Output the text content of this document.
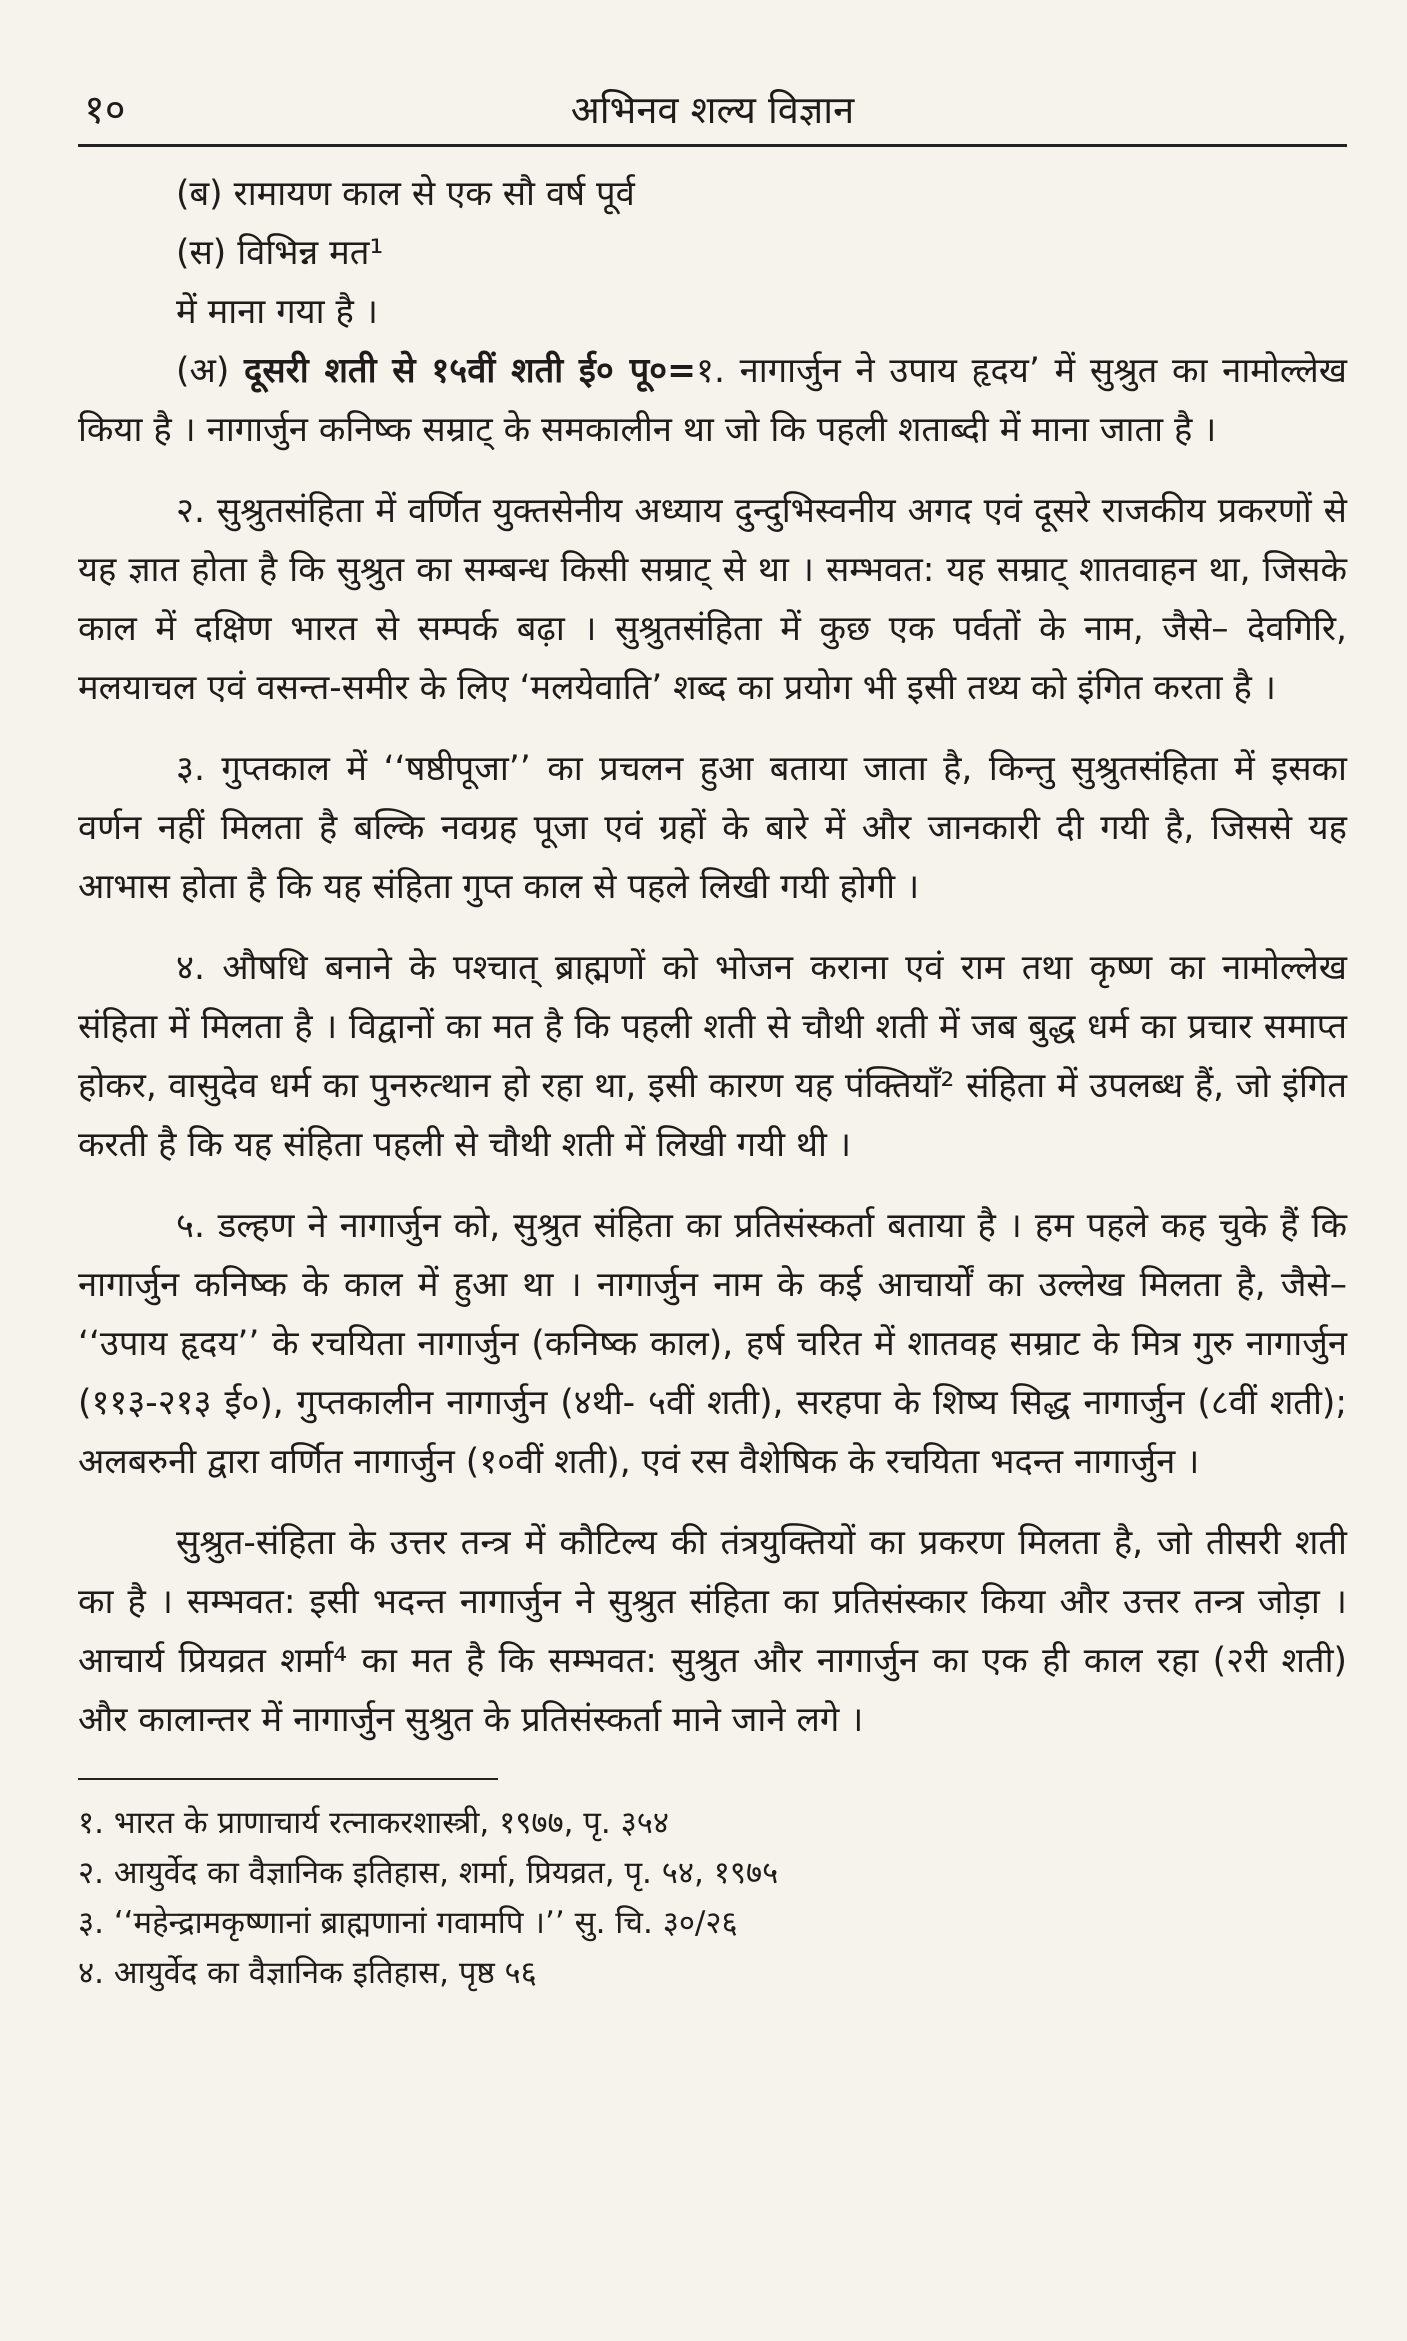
१०	अभिनव शल्य विज्ञान
(ब) रामायण काल से एक सौ वर्ष पूर्व
(स) विभिन्न मत¹
में माना गया है ।

(अ) दूसरी शती से १५वीं शती ई० पू०=१. नागार्जुन ने उपाय हृदय’ में सुश्रुत का नामोल्लेख किया है । नागार्जुन कनिष्क सम्राट् के समकालीन था जो कि पहली शताब्दी में माना जाता है ।

२. सुश्रुतसंहिता में वर्णित युक्तसेनीय अध्याय दुन्दुभिस्वनीय अगद एवं दूसरे राजकीय प्रकरणों से यह ज्ञात होता है कि सुश्रुत का सम्बन्ध किसी सम्राट् से था । सम्भवत: यह सम्राट् शातवाहन था, जिसके काल में दक्षिण भारत से सम्पर्क बढ़ा । सुश्रुतसंहिता में कुछ एक पर्वतों के नाम, जैसे– देवगिरि, मलयाचल एवं वसन्त-समीर के लिए ‘मलयेवाति’ शब्द का प्रयोग भी इसी तथ्य को इंगित करता है ।

३. गुप्तकाल में ‘‘षष्ठीपूजा’’ का प्रचलन हुआ बताया जाता है, किन्तु सुश्रुतसंहिता में इसका वर्णन नहीं मिलता है बल्कि नवग्रह पूजा एवं ग्रहों के बारे में और जानकारी दी गयी है, जिससे यह आभास होता है कि यह संहिता गुप्त काल से पहले लिखी गयी होगी ।

४. औषधि बनाने के पश्चात् ब्राह्मणों को भोजन कराना एवं राम तथा कृष्ण का नामोल्लेख संहिता में मिलता है । विद्वानों का मत है कि पहली शती से चौथी शती में जब बुद्ध धर्म का प्रचार समाप्त होकर, वासुदेव धर्म का पुनरुत्थान हो रहा था, इसी कारण यह पंक्तियाँ² संहिता में उपलब्ध हैं, जो इंगित करती है कि यह संहिता पहली से चौथी शती में लिखी गयी थी ।

५. डल्हण ने नागार्जुन को, सुश्रुत संहिता का प्रतिसंस्कर्ता बताया है । हम पहले कह चुके हैं कि नागार्जुन कनिष्क के काल में हुआ था । नागार्जुन नाम के कई आचार्यों का उल्लेख मिलता है, जैसे– ‘‘उपाय हृदय’’ के रचयिता नागार्जुन (कनिष्क काल), हर्ष चरित में शातवह सम्राट के मित्र गुरु नागार्जुन (११३-२१३ ई०), गुप्तकालीन नागार्जुन (४थी- ५वीं शती), सरहपा के शिष्य सिद्ध नागार्जुन (८वीं शती); अलबरुनी द्वारा वर्णित नागार्जुन (१०वीं शती), एवं रस वैशेषिक के रचयिता भदन्त नागार्जुन ।

सुश्रुत-संहिता के उत्तर तन्त्र में कौटिल्य की तंत्रयुक्तियों का प्रकरण मिलता है, जो तीसरी शती का है । सम्भवत: इसी भदन्त नागार्जुन ने सुश्रुत संहिता का प्रतिसंस्कार किया और उत्तर तन्त्र जोड़ा । आचार्य प्रियव्रत शर्मा⁴ का मत है कि सम्भवत: सुश्रुत और नागार्जुन का एक ही काल रहा (२री शती) और कालान्तर में नागार्जुन सुश्रुत के प्रतिसंस्कर्ता माने जाने लगे ।

१. भारत के प्राणाचार्य रत्नाकरशास्त्री, १९७७, पृ. ३५४

२. आयुर्वेद का वैज्ञानिक इतिहास, शर्मा, प्रियव्रत, पृ. ५४, १९७५

३. ‘‘महेन्द्रामकृष्णानां ब्राह्मणानां गवामपि ।’’ सु. चि. ३०/२६

४. आयुर्वेद का वैज्ञानिक इतिहास, पृष्ठ ५६
